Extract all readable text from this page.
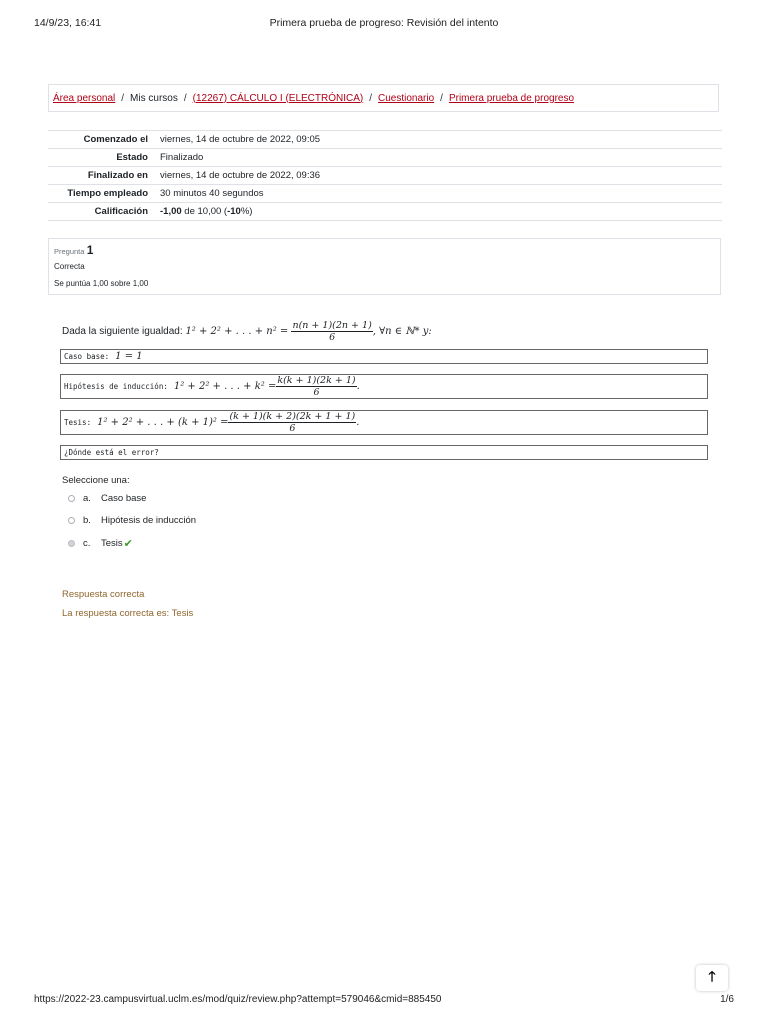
14/9/23, 16:41	Primera prueba de progreso: Revisión del intento
Área personal / Mis cursos / (12267) CÁLCULO I (ELECTRÓNICA) / Cuestionario / Primera prueba de progreso
Comenzado el	viernes, 14 de octubre de 2022, 09:05
Estado	Finalizado
Finalizado en	viernes, 14 de octubre de 2022, 09:36
Tiempo empleado	30 minutos 40 segundos
Calificación	-1,00 de 10,00 (-10%)
Pregunta 1
Correcta
Se puntúa 1,00 sobre 1,00
Dada la siguiente igualdad: 1² + 2² + . . . + $n^2 = \frac{n(n + 1)(2n + 1)}{6}$ , ∀n ∈ ℕ* y:
Caso base: 1 = 1
Hipótesis de inducción: 1² + 2² + . . . + $k^2 = \frac{k(k + 1)(2k + 1)}{6}$ .
Tesis: 1² + 2² + . . . + $(k + 1)^2 = \frac{(k + 1)(k + 2)(2k + 1 + 1)}{6}$ .
¿Dónde está el error?
Seleccione una:
a.	Caso base
b.	Hipótesis de inducción
c.	Tesis ✔
Respuesta correcta
La respuesta correcta es: Tesis
🡑
https://2022-23.campusvirtual.uclm.es/mod/quiz/review.php?attempt=579046&cmid=885450	1/6
